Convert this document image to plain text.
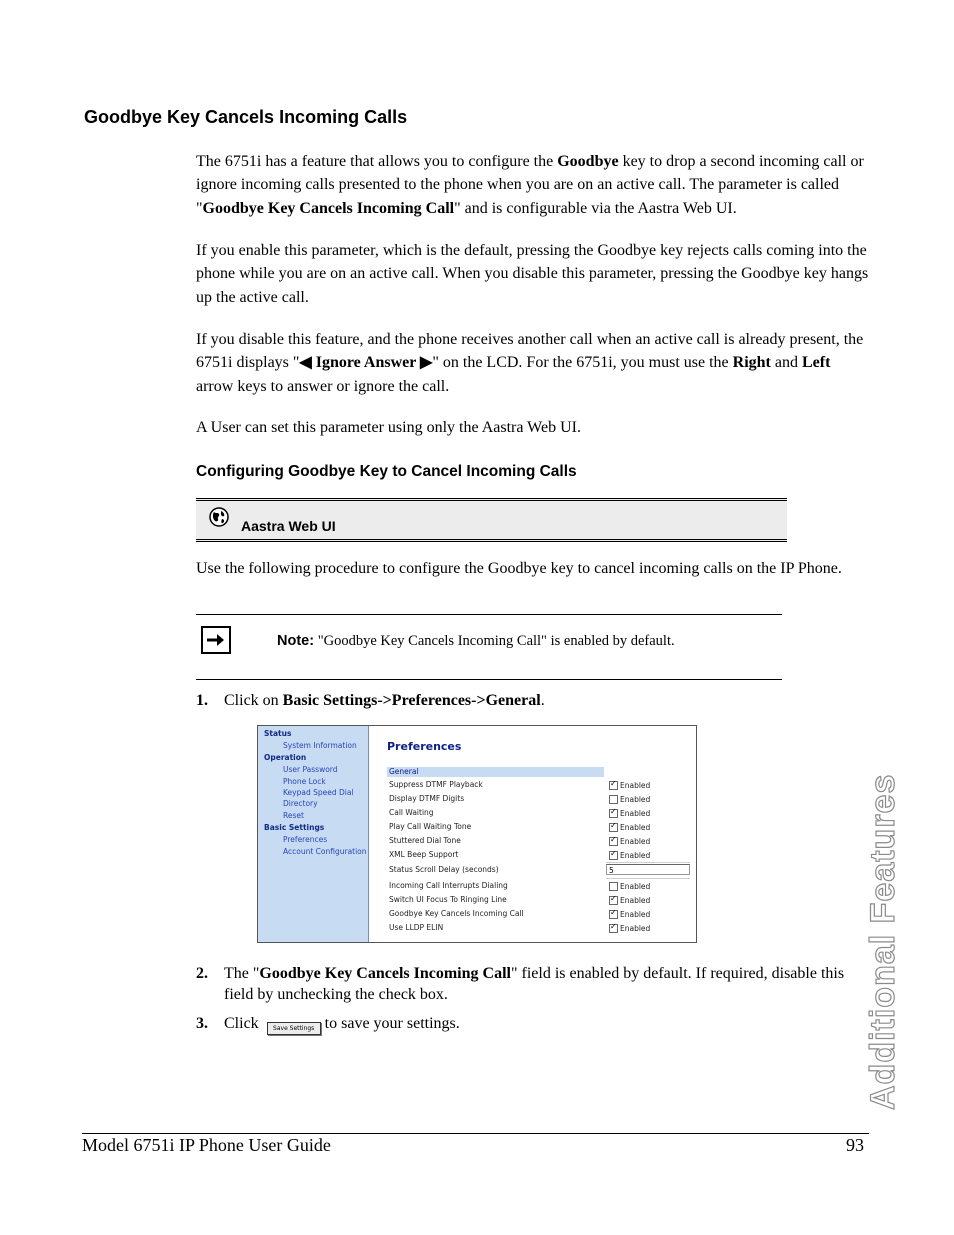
Goodbye Key Cancels Incoming Calls

The 6751i has a feature that allows you to configure the Goodbye key to drop a second incoming call or ignore incoming calls presented to the phone when you are on an active call. The parameter is called "Goodbye Key Cancels Incoming Call" and is configurable via the Aastra Web UI.

If you enable this parameter, which is the default, pressing the Goodbye key rejects calls coming into the phone while you are on an active call. When you disable this parameter, pressing the Goodbye key hangs up the active call.

If you disable this feature, and the phone receives another call when an active call is already present, the 6751i displays "◀ Ignore Answer ▶" on the LCD. For the 6751i, you must use the Right and Left arrow keys to answer or ignore the call.

A User can set this parameter using only the Aastra Web UI.

Configuring Goodbye Key to Cancel Incoming Calls
Aastra Web UI

Use the following procedure to configure the Goodbye key to cancel incoming calls on the IP Phone.

Note: "Goodbye Key Cancels Incoming Call" is enabled by default.
1. Click on Basic Settings->Preferences->General.
Status
System Information
Operation
User Password
Phone Lock
Keypad Speed Dial
Directory
Reset
Basic Settings
Preferences
Account Configuration
Preferences
General
Suppress DTMF Playback ✓	Enabled
Display DTMF Digits	Enabled
Call Waiting ✓	Enabled
Play Call Waiting Tone ✓	Enabled
Stuttered Dial Tone ✓	Enabled
XML Beep Support ✓	Enabled
Status Scroll Delay (seconds)	5
Incoming Call Interrupts Dialing	Enabled
Switch UI Focus To Ringing Line ✓	Enabled
Goodbye Key Cancels Incoming Call ✓	Enabled
Use LLDP ELIN ✓	Enabled
2. The "Goodbye Key Cancels Incoming Call" field is enabled by default. If required, disable this field by unchecking the check box.
3. Click Save Settings to save your settings.
Model 6751i IP Phone User Guide	93
Additional Features
